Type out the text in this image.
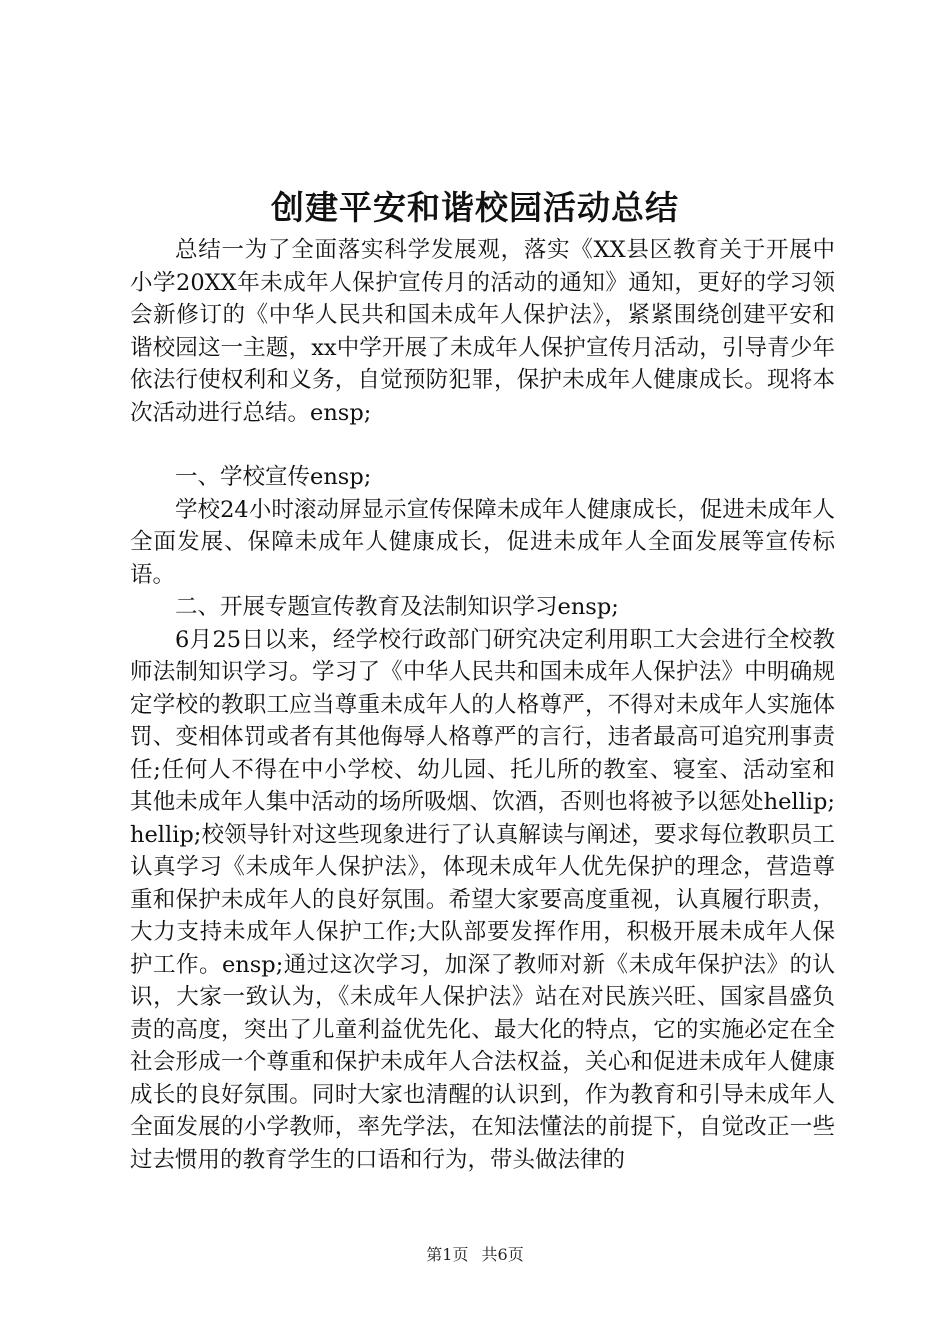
创建平安和谐校园活动总结

总结一为了全面落实科学发展观，落实《XX县区教育关于开展中小学20XX年未成年人保护宣传月的活动的通知》通知，更好的学习领会新修订的《中华人民共和国未成年人保护法》，紧紧围绕创建平安和谐校园这一主题，xx中学开展了未成年人保护宣传月活动，引导青少年依法行使权利和义务，自觉预防犯罪，保护未成年人健康成长。现将本次活动进行总结。ensp;

一、学校宣传ensp;

学校24小时滚动屏显示宣传保障未成年人健康成长，促进未成年人全面发展、保障未成年人健康成长，促进未成年人全面发展等宣传标语。

二、开展专题宣传教育及法制知识学习ensp;

6月25日以来，经学校行政部门研究决定利用职工大会进行全校教师法制知识学习。学习了《中华人民共和国未成年人保护法》中明确规定学校的教职工应当尊重未成年人的人格尊严，不得对未成年人实施体罚、变相体罚或者有其他侮辱人格尊严的言行，违者最高可追究刑事责任;任何人不得在中小学校、幼儿园、托儿所的教室、寝室、活动室和其他未成年人集中活动的场所吸烟、饮酒，否则也将被予以惩处hellip;hellip;校领导针对这些现象进行了认真解读与阐述，要求每位教职员工认真学习《未成年人保护法》，体现未成年人优先保护的理念，营造尊重和保护未成年人的良好氛围。希望大家要高度重视，认真履行职责，大力支持未成年人保护工作;大队部要发挥作用，积极开展未成年人保护工作。ensp;通过这次学习，加深了教师对新《未成年保护法》的认识，大家一致认为，《未成年人保护法》站在对民族兴旺、国家昌盛负责的高度，突出了儿童利益优先化、最大化的特点，它的实施必定在全社会形成一个尊重和保护未成年人合法权益，关心和促进未成年人健康成长的良好氛围。同时大家也清醒的认识到，作为教育和引导未成年人全面发展的小学教师，率先学法，在知法懂法的前提下，自觉改正一些过去惯用的教育学生的口语和行为，带头做法律的

第1页 共6页
